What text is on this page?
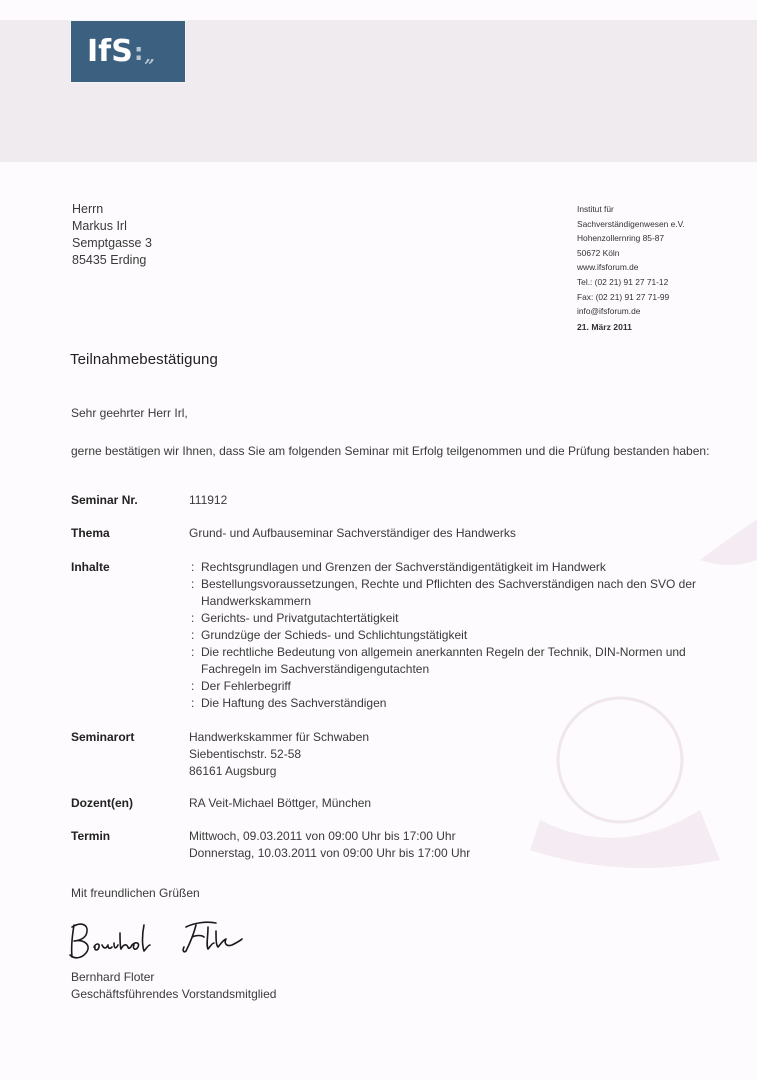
IfS : „
Herrn
Markus Irl
Semptgasse 3
85435 Erding
Institut für
Sachverständigenwesen e.V.
Hohenzollernring 85-87
50672 Köln
www.ifsforum.de
Tel.: (02 21) 91 27 71-12
Fax: (02 21) 91 27 71-99
info@ifsforum.de
21. März 2011
Teilnahmebestätigung
Sehr geehrter Herr Irl,
gerne bestätigen wir Ihnen, dass Sie am folgenden Seminar mit Erfolg teilgenommen und die Prüfung bestanden haben:
Seminar Nr.	111912
Thema	Grund- und Aufbauseminar Sachverständiger des Handwerks
Inhalte	: Rechtsgrundlagen und Grenzen der Sachverständigentätigkeit im Handwerk
: Bestellungsvoraussetzungen, Rechte und Pflichten des Sachverständigen nach den SVO der Handwerkskammern
: Gerichts- und Privatgutachtertätigkeit
: Grundzüge der Schieds- und Schlichtungstätigkeit
: Die rechtliche Bedeutung von allgemein anerkannten Regeln der Technik, DIN-Normen und Fachregeln im Sachverständigengutachten
: Der Fehlerbegriff
: Die Haftung des Sachverständigen
Seminarort	Handwerkskammer für Schwaben
Siebentischstr. 52-58
86161 Augsburg
Dozent(en)	RA Veit-Michael Böttger, München
Termin	Mittwoch, 09.03.2011 von 09:00 Uhr bis 17:00 Uhr
Donnerstag, 10.03.2011 von 09:00 Uhr bis 17:00 Uhr
Mit freundlichen Grüßen
Bernhard Floter
Geschäftsführendes Vorstandsmitglied
